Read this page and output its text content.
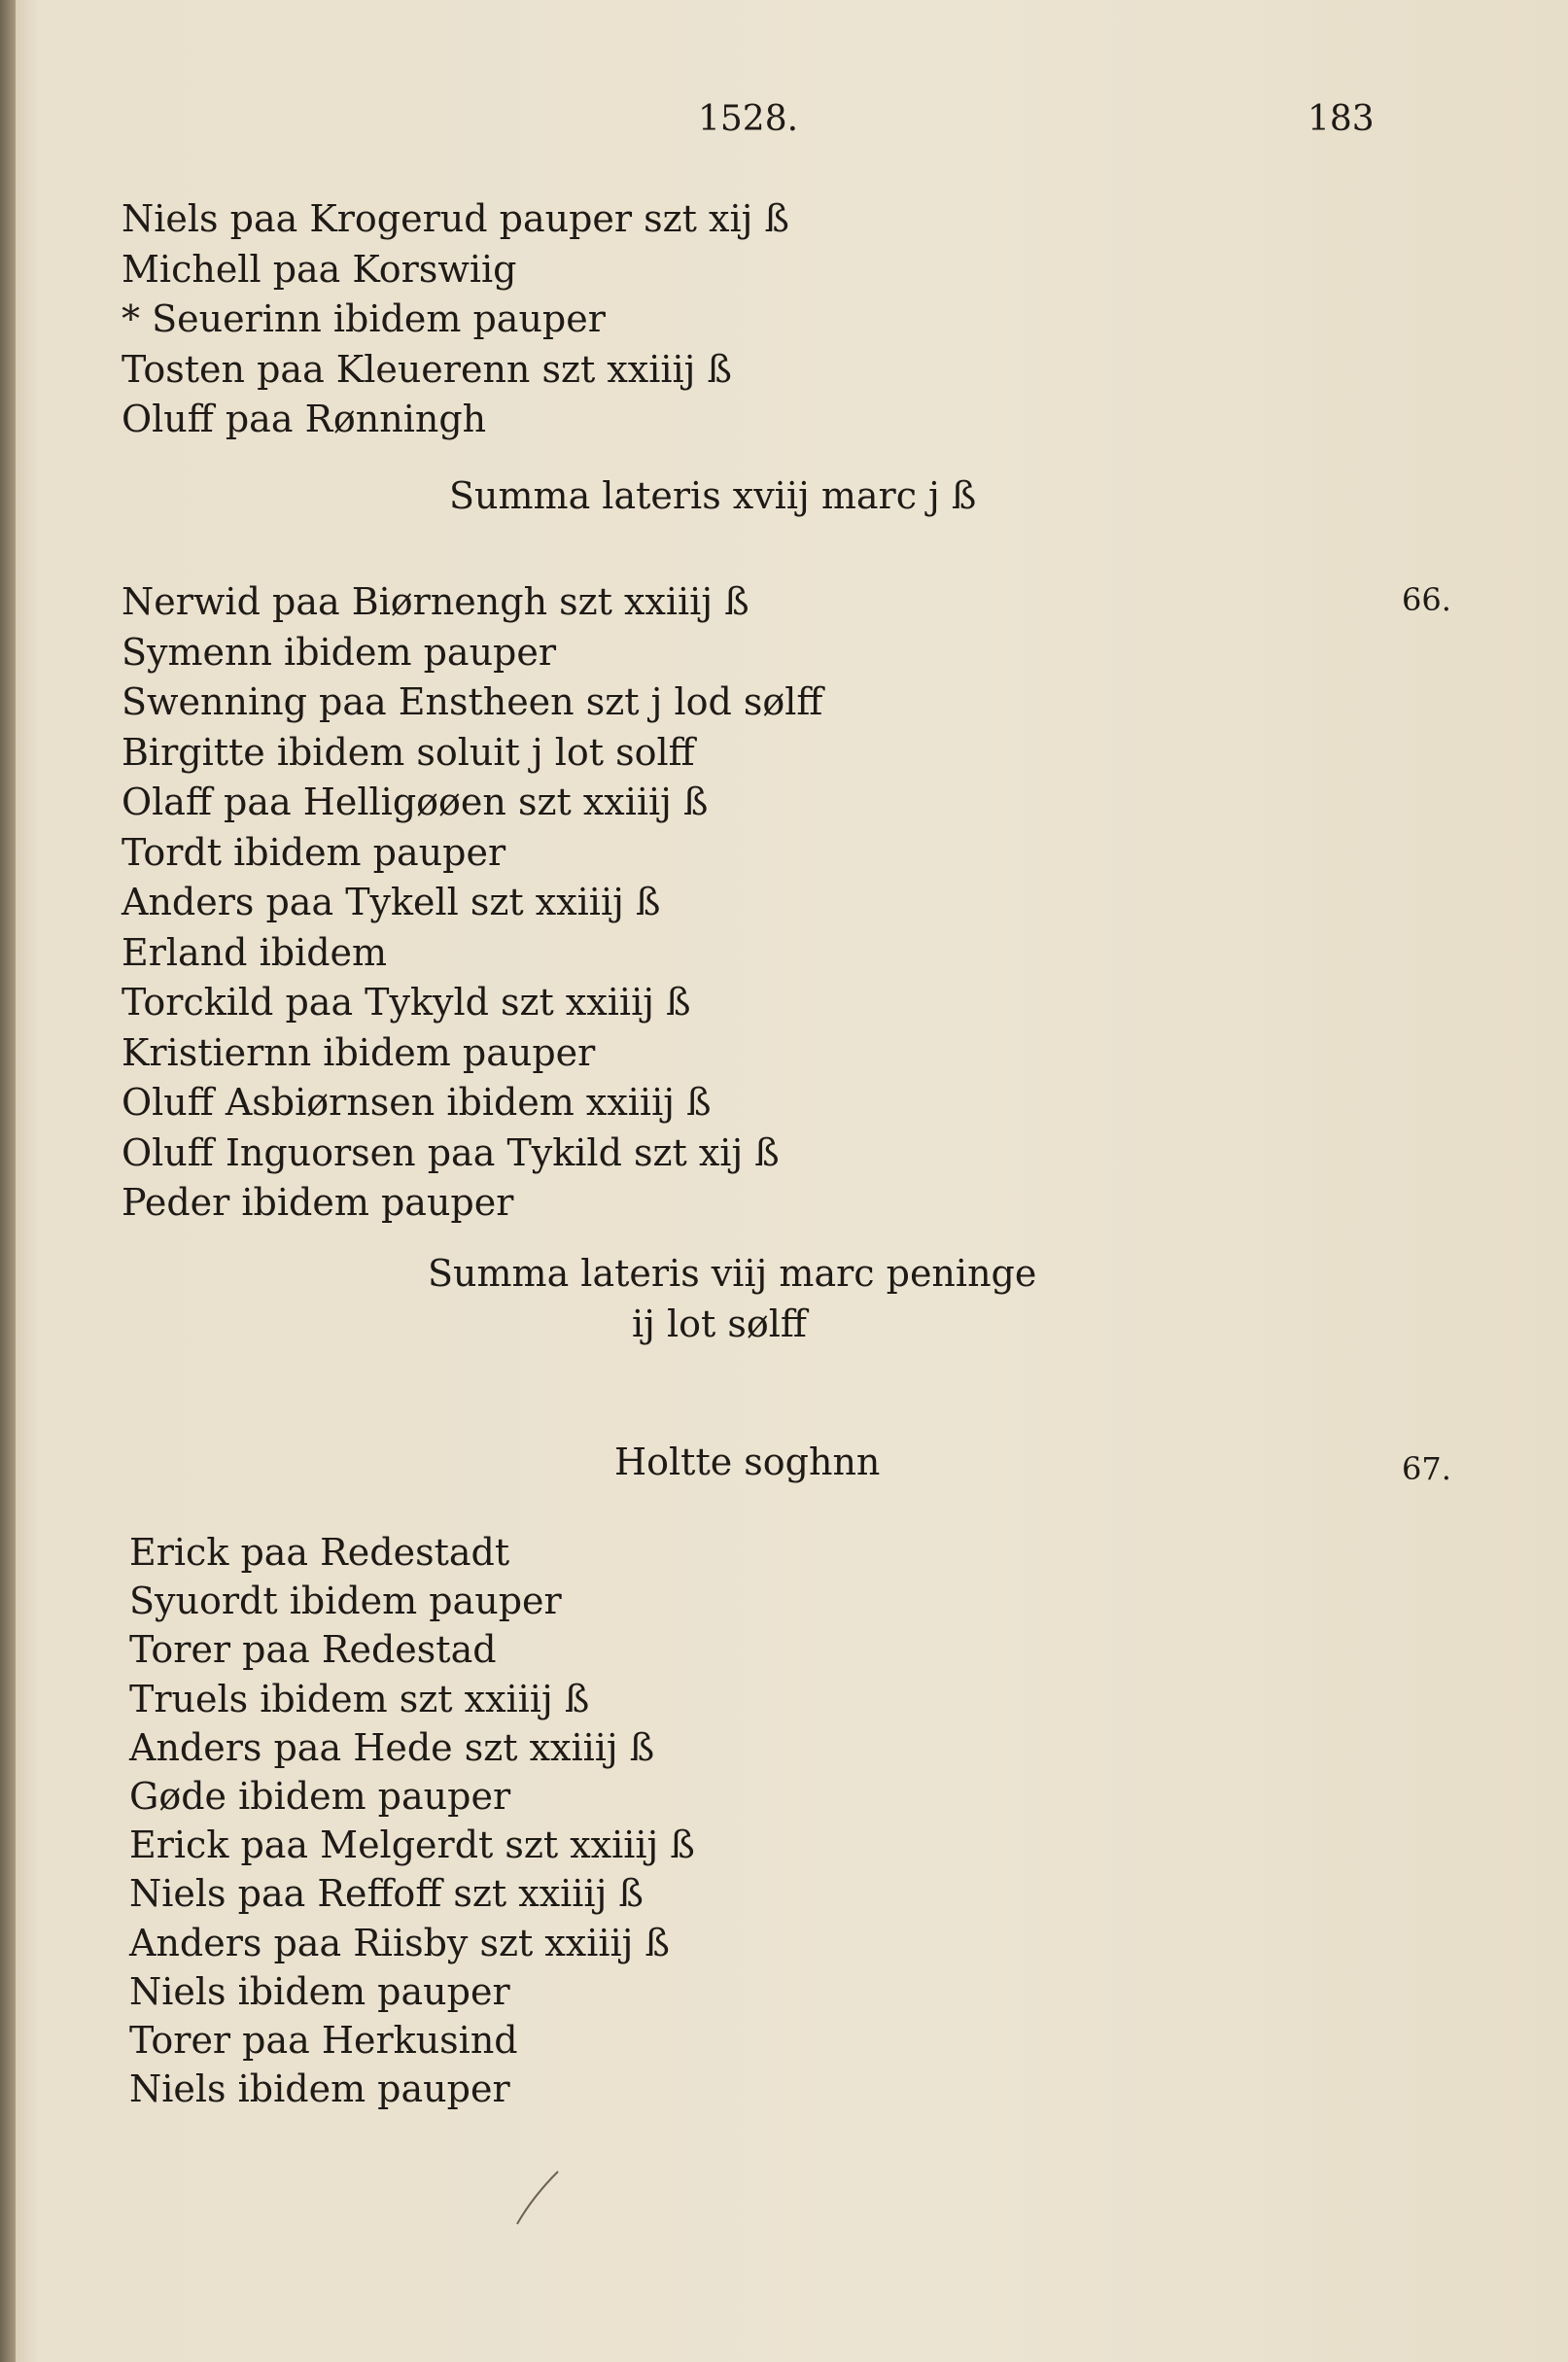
1528.	183
Niels paa Krogerud pauper szt xij ß
Michell paa Korswiig
* Seuerinn ibidem pauper
Tosten paa Kleuerenn szt xxiiij ß
Oluff paa Rønningh
Summa lateris xviij marc j ß
66.
Nerwid paa Biørnengh szt xxiiij ß
Symenn ibidem pauper
Swenning paa Enstheen szt j lod sølff
Birgitte ibidem soluit j lot solff
Olaff paa Helligøøen szt xxiiij ß
Tordt ibidem pauper
Anders paa Tykell szt xxiiij ß
Erland ibidem
Torckild paa Tykyld szt xxiiij ß
Kristiernn ibidem pauper
Oluff Asbiørnsen ibidem xxiiij ß
Oluff Inguorsen paa Tykild szt xij ß
Peder ibidem pauper
Summa lateris viij marc peninge
ij lot sølff
Holtte soghnn	67.
Erick paa Redestadt
Syuordt ibidem pauper
Torer paa Redestad
Truels ibidem szt xxiiij ß
Anders paa Hede szt xxiiij ß
Gøde ibidem pauper
Erick paa Melgerdt szt xxiiij ß
Niels paa Reffoff szt xxiiij ß
Anders paa Riisby szt xxiiij ß
Niels ibidem pauper
Torer paa Herkusind
Niels ibidem pauper
